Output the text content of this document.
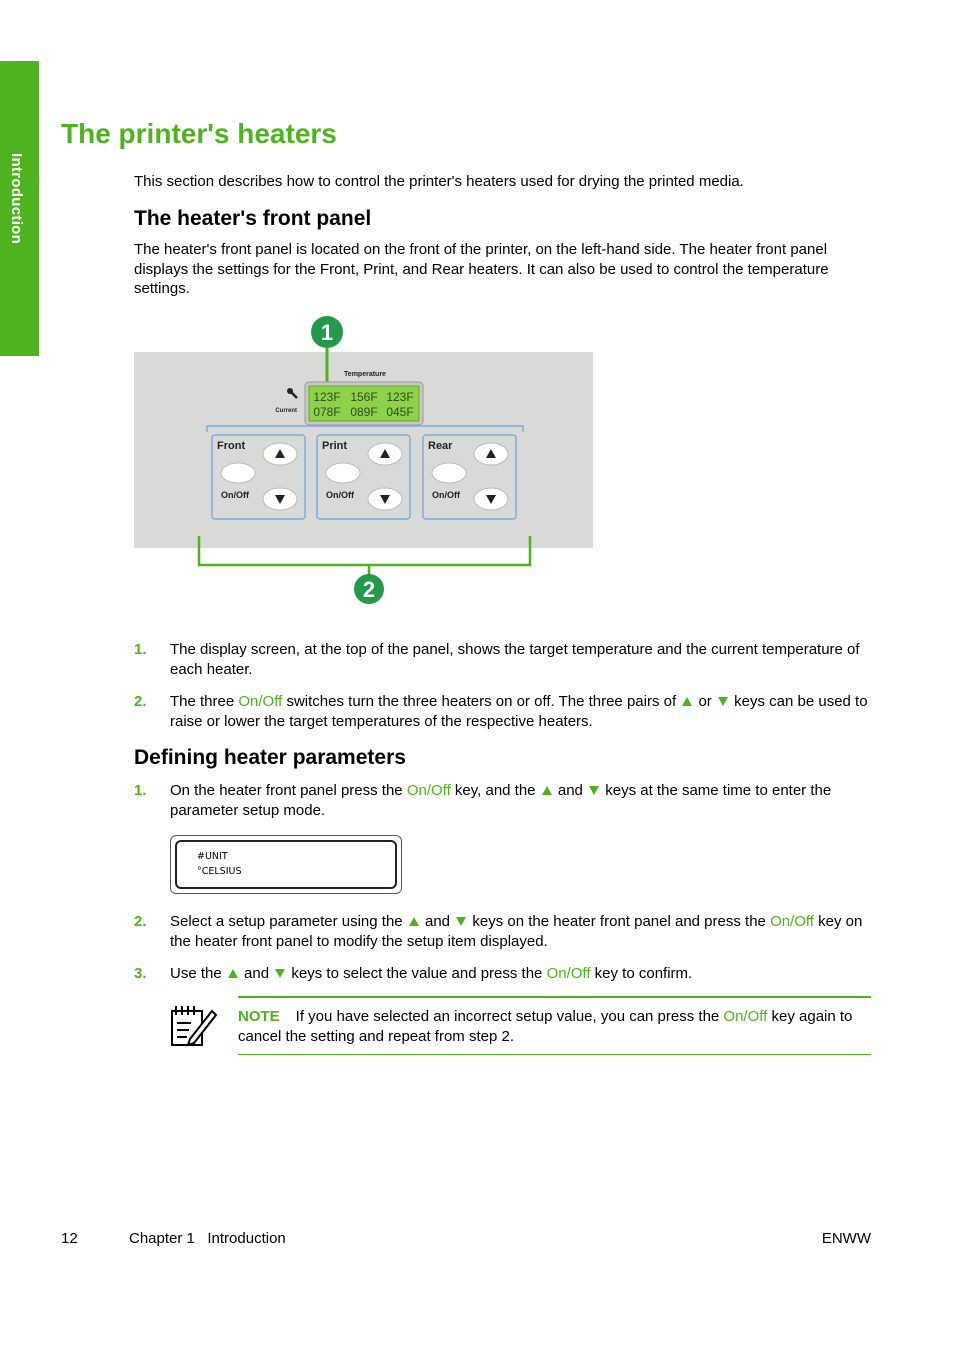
Introduction
The printer's heaters

This section describes how to control the printer's heaters used for drying the printed media.

The heater's front panel

The heater's front panel is located on the front of the printer, on the left-hand side. The heater front panel displays the settings for the Front, Print, and Rear heaters. It can also be used to control the temperature settings.

1
Temperature
Current
123F 156F 123F
078F 089F 045F
Front
On/Off
Print
On/Off
Rear
On/Off
2
1. The display screen, at the top of the panel, shows the target temperature and the current temperature of each heater.
2. The three On/Off switches turn the three heaters on or off. The three pairs of  or  keys can be used to raise or lower the target temperatures of the respective heaters.
Defining heater parameters
1. On the heater front panel press the On/Off key, and the  and  keys at the same time to enter the parameter setup mode.
#UNIT
°CELSIUS
2. Select a setup parameter using the  and  keys on the heater front panel and press the On/Off key on the heater front panel to modify the setup item displayed.
3. Use the  and  keys to select the value and press the On/Off key to confirm.
NOTE If you have selected an incorrect setup value, you can press the On/Off key again to cancel the setting and repeat from step 2.
12	Chapter 1   Introduction	ENWW
